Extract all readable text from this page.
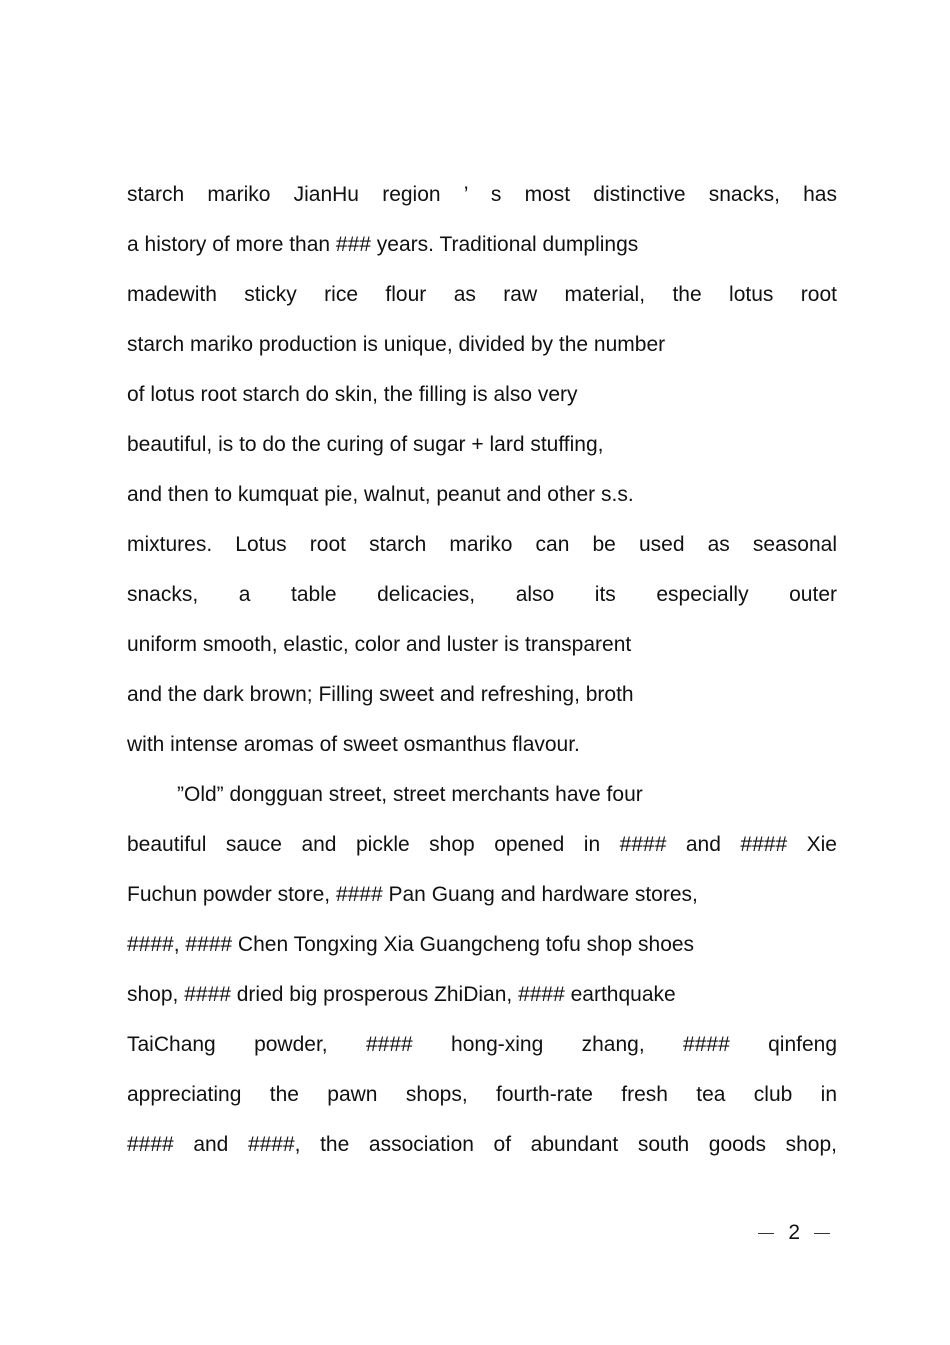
starch mariko JianHu region ’ s most distinctive snacks, has
a history of more than ### years. Traditional dumplings
madewith sticky rice flour as raw material, the lotus root
starch mariko production is unique, divided by the number
of lotus root starch do skin, the filling is also very
beautiful, is to do the curing of sugar + lard stuffing,
and then to kumquat pie, walnut, peanut and other s.s.
mixtures. Lotus root starch mariko can be used as seasonal
snacks, a table delicacies, also its especially outer
uniform smooth, elastic, color and luster is transparent
and the dark brown; Filling sweet and refreshing, broth
with intense aromas of sweet osmanthus flavour.
”Old” dongguan street, street merchants have four
beautiful sauce and pickle shop opened in #### and #### Xie
Fuchun powder store, #### Pan Guang and hardware stores,
####, #### Chen Tongxing Xia Guangcheng tofu shop shoes
shop, #### dried big prosperous ZhiDian, #### earthquake
TaiChang powder, #### hong-xing zhang, #### qinfeng
appreciating the pawn shops, fourth-rate fresh tea club in
#### and ####, the association of abundant south goods shop,
2
